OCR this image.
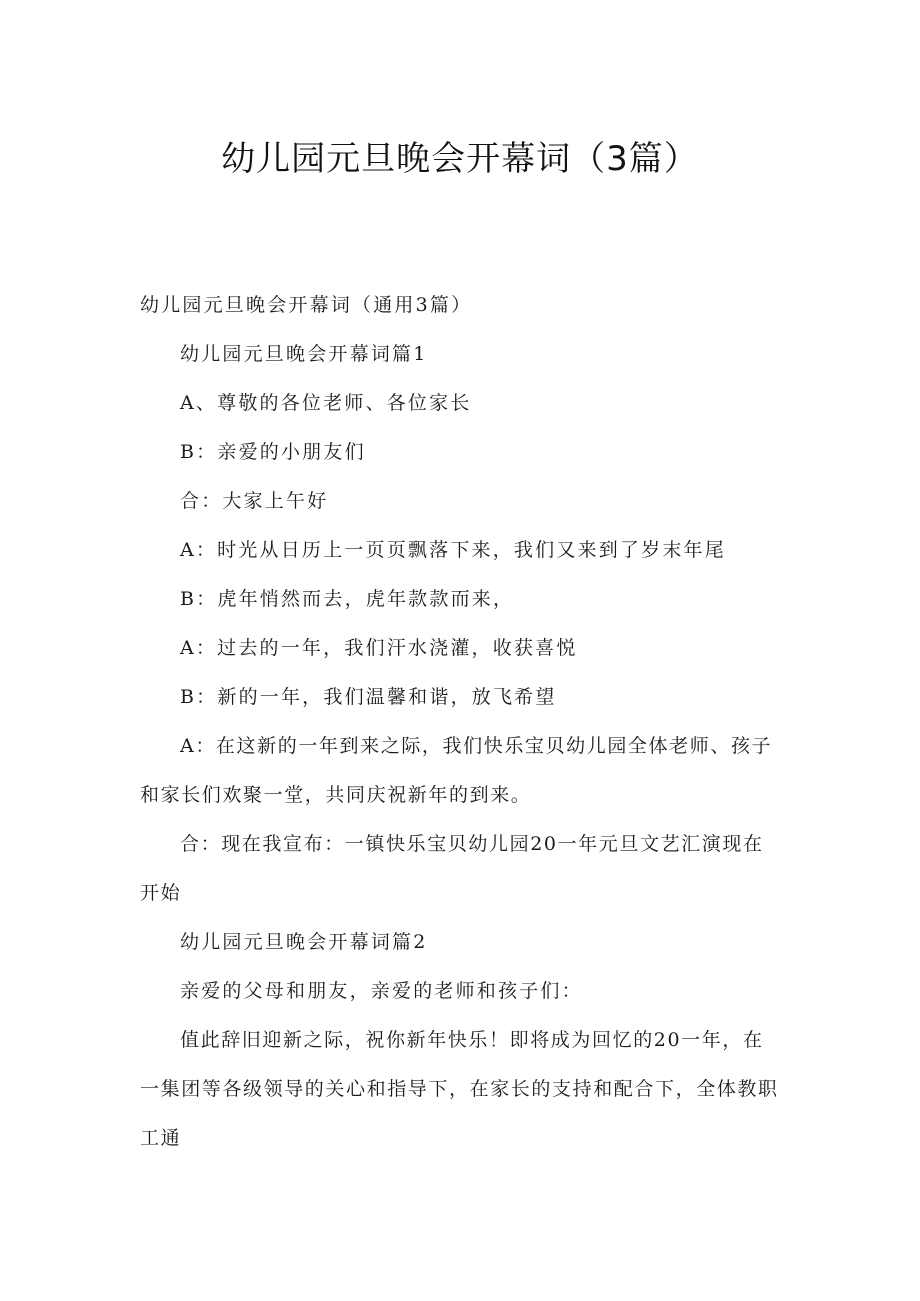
幼儿园元旦晚会开幕词（3篇）

幼儿园元旦晚会开幕词（通用3篇）

幼儿园元旦晚会开幕词篇1

A、尊敬的各位老师、各位家长

B：亲爱的小朋友们

合：大家上午好

A：时光从日历上一页页飘落下来，我们又来到了岁末年尾

B：虎年悄然而去，虎年款款而来，

A：过去的一年，我们汗水浇灌，收获喜悦

B：新的一年，我们温馨和谐，放飞希望

A：在这新的一年到来之际，我们快乐宝贝幼儿园全体老师、孩子和家长们欢聚一堂，共同庆祝新年的到来。

合：现在我宣布：一镇快乐宝贝幼儿园20一年元旦文艺汇演现在开始

幼儿园元旦晚会开幕词篇2

亲爱的父母和朋友，亲爱的老师和孩子们：

值此辞旧迎新之际，祝你新年快乐！即将成为回忆的20一年，在一集团等各级领导的关心和指导下，在家长的支持和配合下，全体教职工通
